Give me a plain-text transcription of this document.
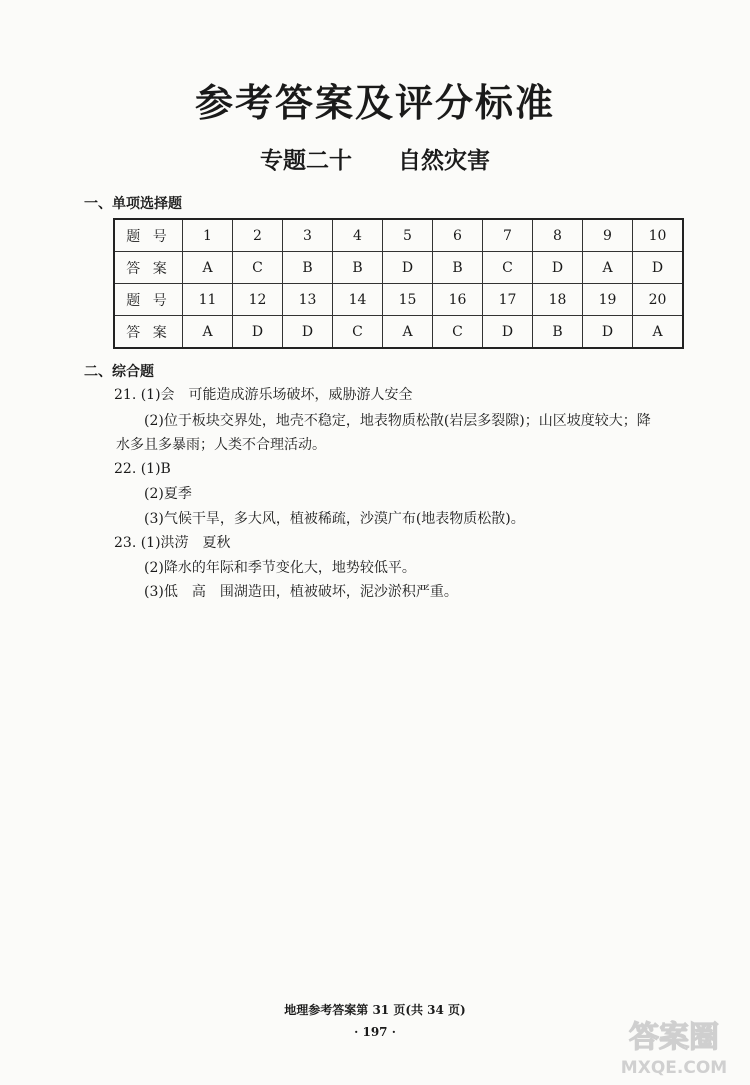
参考答案及评分标准
专题二十　　自然灾害
一、单项选择题
题 号	1	2	3	4	5	6	7	8	9	10
答 案	A	C	B	B	D	B	C	D	A	D
题 号	11	12	13	14	15	16	17	18	19	20
答 案	A	D	D	C	A	C	D	B	D	A
二、综合题
21. (1)会　可能造成游乐场破坏，威胁游人安全
(2)位于板块交界处，地壳不稳定，地表物质松散(岩层多裂隙)；山区坡度较大；降
水多且多暴雨；人类不合理活动。
22. (1)B
(2)夏季
(3)气候干旱，多大风，植被稀疏，沙漠广布(地表物质松散)。
23. (1)洪涝　夏秋
(2)降水的年际和季节变化大，地势较低平。
(3)低　高　围湖造田，植被破坏，泥沙淤积严重。
地理参考答案第 31 页(共 34 页)
· 197 ·	答案圈
MXQE.COM
